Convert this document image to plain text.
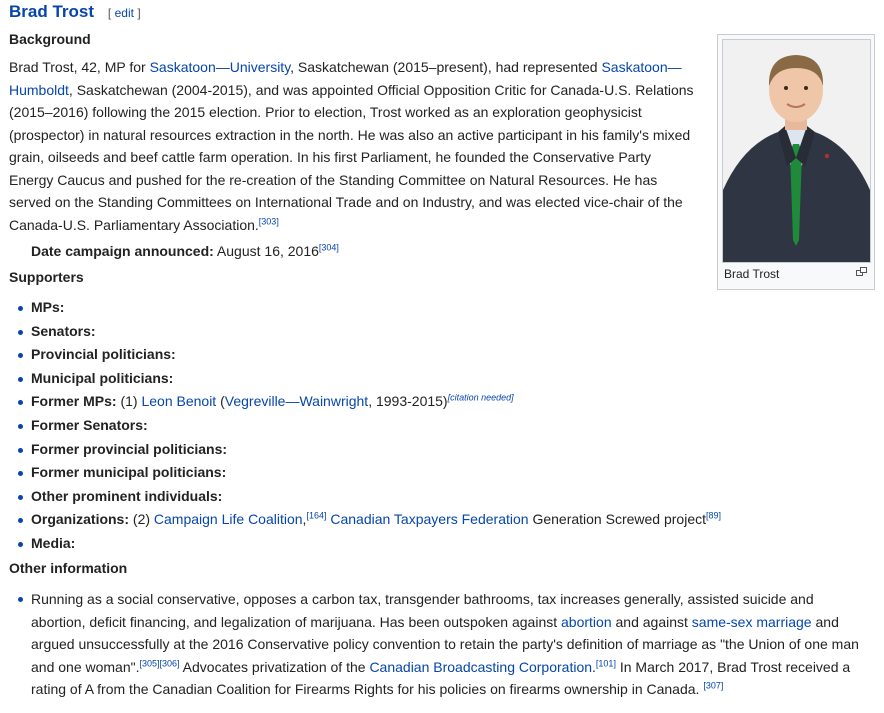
Brad Trost [ edit ]
Background

Brad Trost, 42, MP for Saskatoon—University, Saskatchewan (2015–present), had represented Saskatoon—Humboldt, Saskatchewan (2004-2015), and was appointed Official Opposition Critic for Canada-U.S. Relations (2015–2016) following the 2015 election. Prior to election, Trost worked as an exploration geophysicist (prospector) in natural resources extraction in the north. He was also an active participant in his family's mixed grain, oilseeds and beef cattle farm operation. In his first Parliament, he founded the Conservative Party Energy Caucus and pushed for the re-creation of the Standing Committee on Natural Resources. He has served on the Standing Committees on International Trade and on Industry, and was elected vice-chair of the Canada-U.S. Parliamentary Association.[303]

Date campaign announced: August 16, 2016[304]
Supporters
MPs:
Senators:
Provincial politicians:
Municipal politicians:
Former MPs: (1) Leon Benoit (Vegreville—Wainwright, 1993-2015)[citation needed]
Former Senators:
Former provincial politicians:
Former municipal politicians:
Other prominent individuals:
Organizations: (2) Campaign Life Coalition,[164] Canadian Taxpayers Federation Generation Screwed project[89]
Media:
Other information
Running as a social conservative, opposes a carbon tax, transgender bathrooms, tax increases generally, assisted suicide and abortion, deficit financing, and legalization of marijuana. Has been outspoken against abortion and against same-sex marriage and argued unsuccessfully at the 2016 Conservative policy convention to retain the party's definition of marriage as "the Union of one man and one woman".[305][306] Advocates privatization of the Canadian Broadcasting Corporation.[101] In March 2017, Brad Trost received a rating of A from the Canadian Coalition for Firearms Rights for his policies on firearms ownership in Canada. [307]
Brad Trost
